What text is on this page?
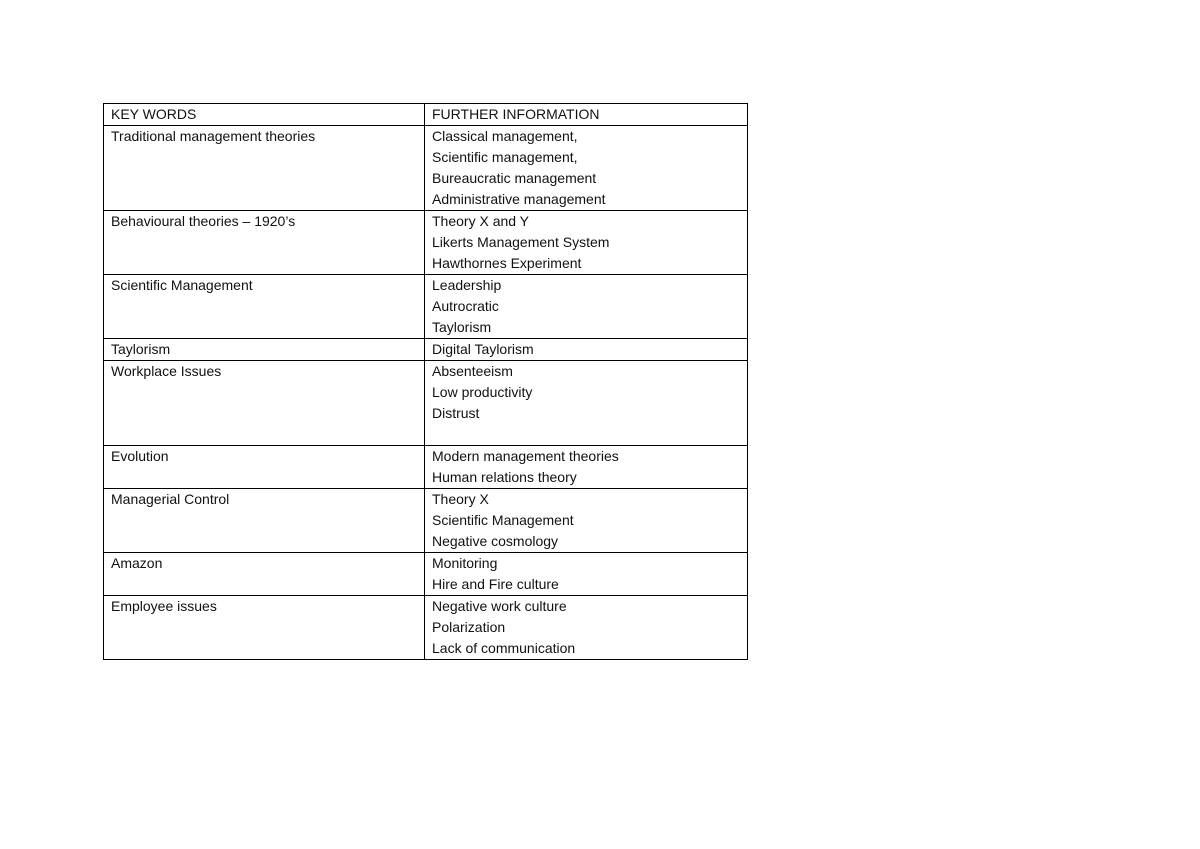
KEY WORDS	FURTHER INFORMATION
Traditional management theories	Classical management,
Scientific management,
Bureaucratic management
Administrative management

Behavioural theories – 1920’s	Theory X and Y
Likerts Management System
Hawthornes Experiment

Scientific Management	Leadership
Autrocratic
Taylorism

Taylorism	Digital Taylorism

Workplace Issues	Absenteeism
Low productivity
Distrust

Evolution	Modern management theories
Human relations theory

Managerial Control	Theory X
Scientific Management
Negative cosmology

Amazon	Monitoring
Hire and Fire culture

Employee issues	Negative work culture
Polarization
Lack of communication
